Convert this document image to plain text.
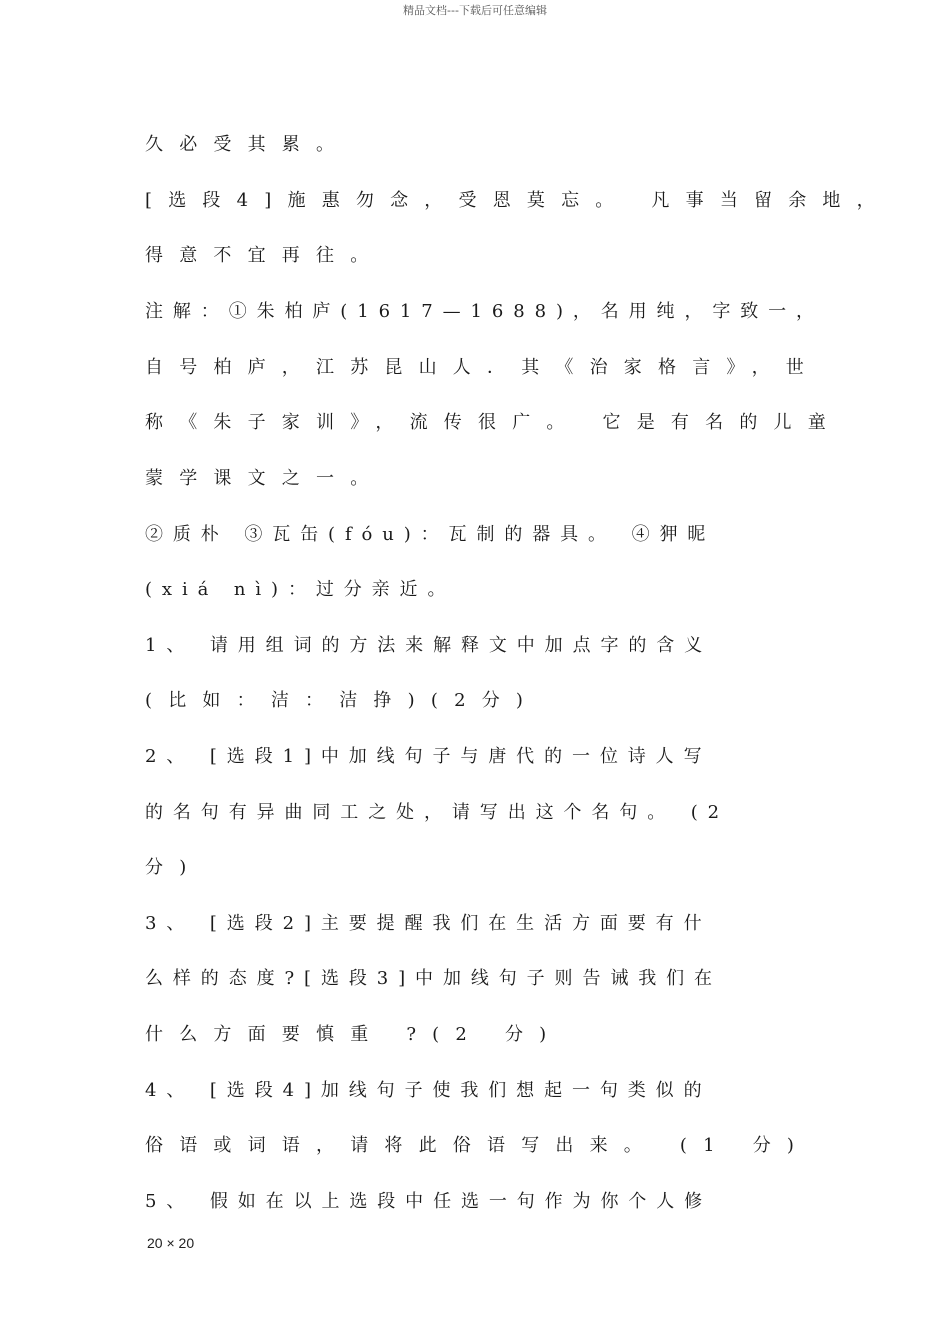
精品文档---下载后可任意编辑
久必受其累。
[选段4]施惠勿念，受恩莫忘。 凡事当留余地，
得意不宜再往。
注解：①朱柏庐(1617—1688)，名用纯，字致一，
自号柏庐，江苏昆山人．其《治家格言》，世
称《朱子家训》，流传很广。 它是有名的儿童
蒙学课文之一。
②质朴 ③瓦缶(fóu)：瓦制的器具。 ④狎昵
(xiá nì)：过分亲近。
1、 请用组词的方法来解释文中加点字的含义
(比如：洁：洁挣)(2分)
2、 [选段1]中加线句子与唐代的一位诗人写
的名句有异曲同工之处，请写出这个名句。 (2
分)
3、 [选段2]主要提醒我们在生活方面要有什
么样的态度?[选段3]中加线句子则告诫我们在
什么方面要慎重 ?(2 分)
4、 [选段4]加线句子使我们想起一句类似的
俗语或词语，请将此俗语写出来。 (1 分)
5、 假如在以上选段中任选一句作为你个人修
20 × 20
